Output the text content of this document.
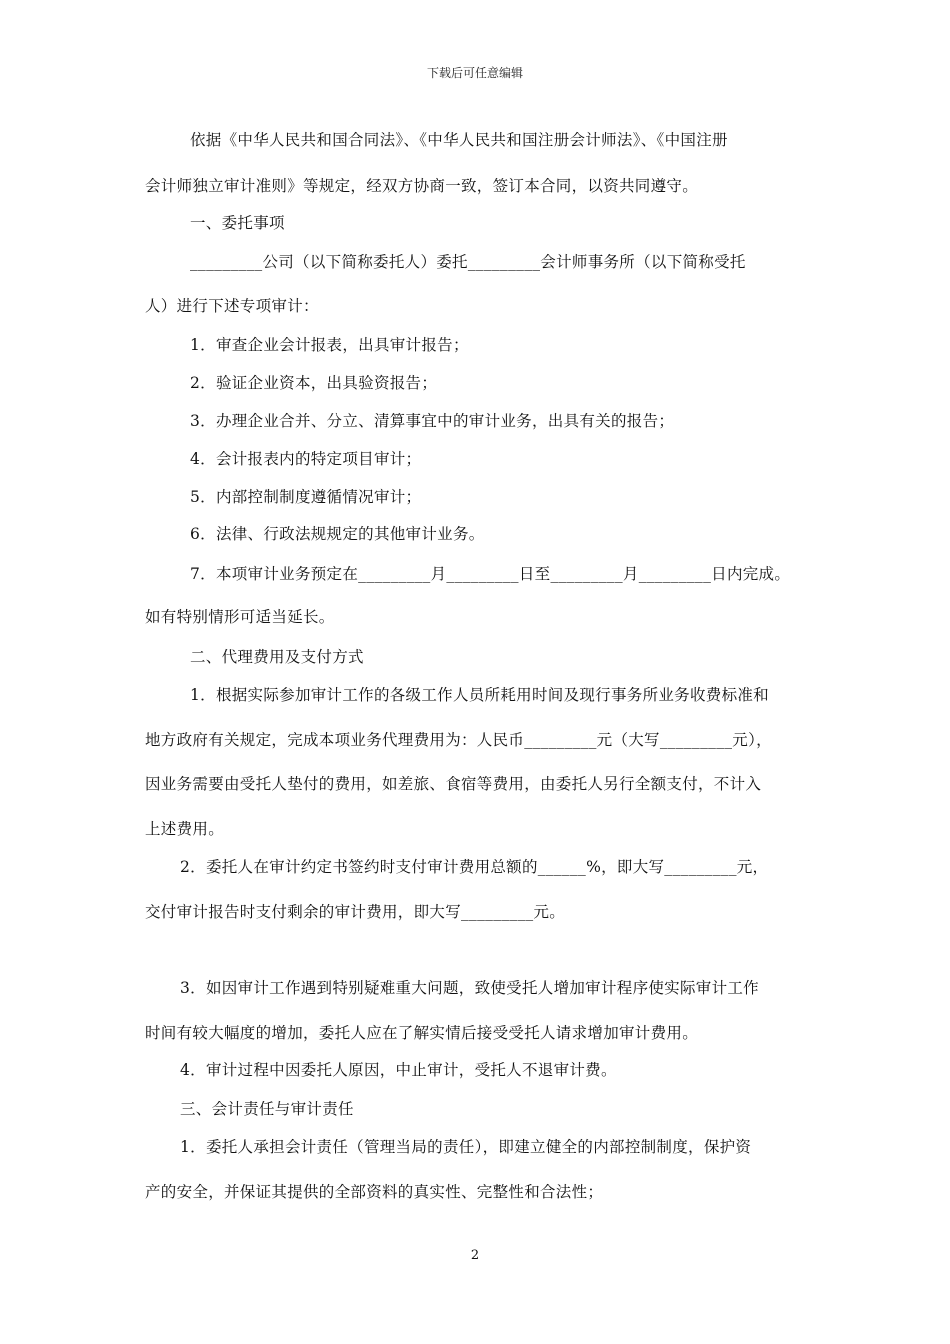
下载后可任意编辑
依据《中华人民共和国合同法》、《中华人民共和国注册会计师法》、《中国注册
会计师独立审计准则》等规定，经双方协商一致，签订本合同，以资共同遵守。
一、委托事项
_________公司（以下简称委托人）委托_________会计师事务所（以下简称受托
人）进行下述专项审计：
1．审查企业会计报表，出具审计报告；
2．验证企业资本，出具验资报告；
3．办理企业合并、分立、清算事宜中的审计业务，出具有关的报告；
4．会计报表内的特定项目审计；
5．内部控制制度遵循情况审计；
6．法律、行政法规规定的其他审计业务。
7．本项审计业务预定在_________月_________日至_________月_________日内完成。
如有特别情形可适当延长。
二、代理费用及支付方式
1．根据实际参加审计工作的各级工作人员所耗用时间及现行事务所业务收费标准和
地方政府有关规定，完成本项业务代理费用为：人民币_________元（大写_________元），
因业务需要由受托人垫付的费用，如差旅、食宿等费用，由委托人另行全额支付，不计入
上述费用。
2．委托人在审计约定书签约时支付审计费用总额的______%，即大写_________元，
交付审计报告时支付剩余的审计费用，即大写_________元。
3．如因审计工作遇到特别疑难重大问题，致使受托人增加审计程序使实际审计工作
时间有较大幅度的增加，委托人应在了解实情后接受受托人请求增加审计费用。
4．审计过程中因委托人原因，中止审计，受托人不退审计费。
三、会计责任与审计责任
1．委托人承担会计责任（管理当局的责任），即建立健全的内部控制制度，保护资
产的安全，并保证其提供的全部资料的真实性、完整性和合法性；
2
